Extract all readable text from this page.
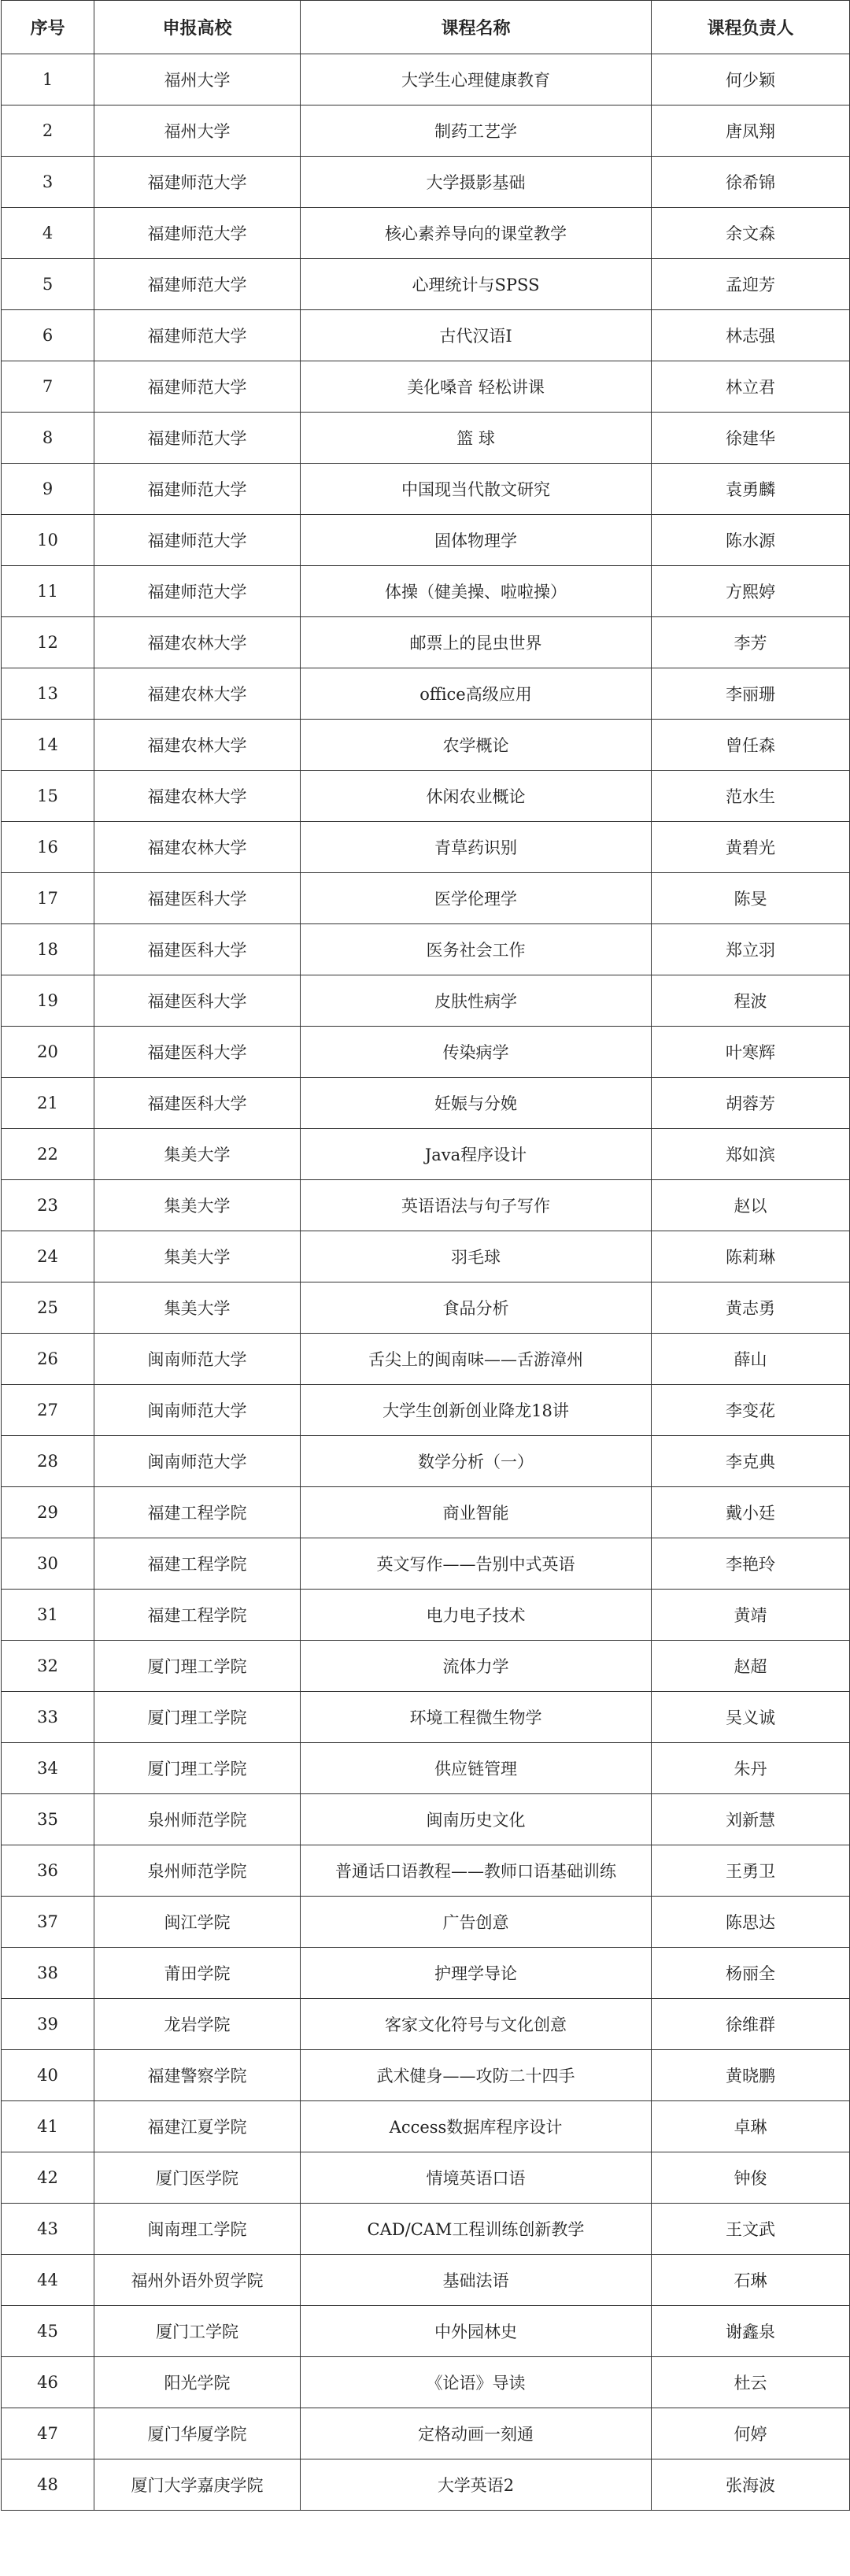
序号	申报高校	课程名称	课程负责人
1	福州大学	大学生心理健康教育	何少颖
2	福州大学	制药工艺学	唐凤翔
3	福建师范大学	大学摄影基础	徐希锦
4	福建师范大学	核心素养导向的课堂教学	余文森
5	福建师范大学	心理统计与SPSS	孟迎芳
6	福建师范大学	古代汉语I	林志强
7	福建师范大学	美化嗓音 轻松讲课	林立君
8	福建师范大学	篮 球	徐建华
9	福建师范大学	中国现当代散文研究	袁勇麟
10	福建师范大学	固体物理学	陈水源
11	福建师范大学	体操（健美操、啦啦操）	方熙婷
12	福建农林大学	邮票上的昆虫世界	李芳
13	福建农林大学	office高级应用	李丽珊
14	福建农林大学	农学概论	曾任森
15	福建农林大学	休闲农业概论	范水生
16	福建农林大学	青草药识别	黄碧光
17	福建医科大学	医学伦理学	陈旻
18	福建医科大学	医务社会工作	郑立羽
19	福建医科大学	皮肤性病学	程波
20	福建医科大学	传染病学	叶寒辉
21	福建医科大学	妊娠与分娩	胡蓉芳
22	集美大学	Java程序设计	郑如滨
23	集美大学	英语语法与句子写作	赵以
24	集美大学	羽毛球	陈莉琳
25	集美大学	食品分析	黄志勇
26	闽南师范大学	舌尖上的闽南味——舌游漳州	薛山
27	闽南师范大学	大学生创新创业降龙18讲	李变花
28	闽南师范大学	数学分析（一）	李克典
29	福建工程学院	商业智能	戴小廷
30	福建工程学院	英文写作——告别中式英语	李艳玲
31	福建工程学院	电力电子技术	黄靖
32	厦门理工学院	流体力学	赵超
33	厦门理工学院	环境工程微生物学	吴义诚
34	厦门理工学院	供应链管理	朱丹
35	泉州师范学院	闽南历史文化	刘新慧
36	泉州师范学院	普通话口语教程——教师口语基础训练	王勇卫
37	闽江学院	广告创意	陈思达
38	莆田学院	护理学导论	杨丽全
39	龙岩学院	客家文化符号与文化创意	徐维群
40	福建警察学院	武术健身——攻防二十四手	黄晓鹏
41	福建江夏学院	Access数据库程序设计	卓琳
42	厦门医学院	情境英语口语	钟俊
43	闽南理工学院	CAD/CAM工程训练创新教学	王文武
44	福州外语外贸学院	基础法语	石琳
45	厦门工学院	中外园林史	谢鑫泉
46	阳光学院	《论语》导读	杜云
47	厦门华厦学院	定格动画一刻通	何婷
48	厦门大学嘉庚学院	大学英语2	张海波
